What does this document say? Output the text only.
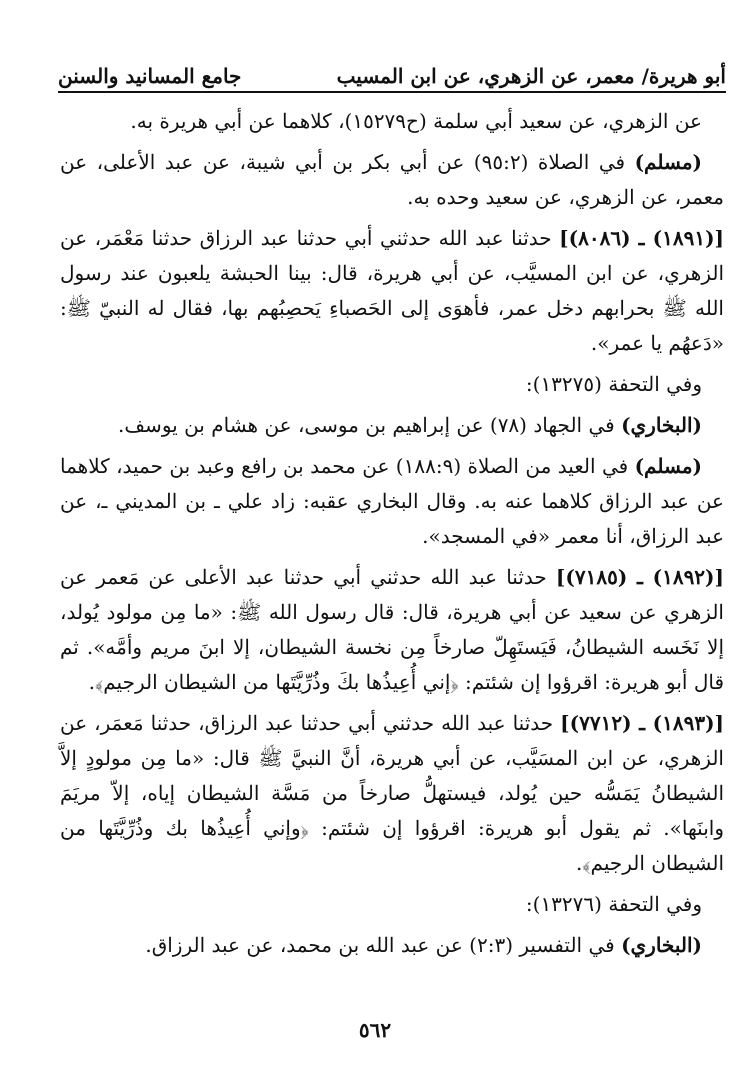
أبو هريرة/ معمر، عن الزهري، عن ابن المسيب
جامع المسانيد والسنن

عن الزهري، عن سعيد أبي سلمة (ح١٥٢٧٩)، كلاهما عن أبي هريرة به.

(مسلم) في الصلاة (٩٥:٢) عن أبي بكر بن أبي شيبة، عن عبد الأعلى، عن معمر، عن الزهري، عن سعيد وحده به.

[(١٨٩١) ـ (٨٠٨٦)] حدثنا عبد الله حدثني أبي حدثنا عبد الرزاق حدثنا مَعْمَر، عن الزهري، عن ابن المسيَّب، عن أبي هريرة، قال: بينا الحبشة يلعبون عند رسول الله ﷺ بحرابهم دخل عمر، فأهوَى إلى الحَصباءِ يَحصِبُهم بها، فقال له النبيّ ﷺ: «دَعهُم يا عمر».

وفي التحفة (١٣٢٧٥):

(البخاري) في الجهاد (٧٨) عن إبراهيم بن موسى، عن هشام بن يوسف.

(مسلم) في العيد من الصلاة (١٨٨:٩) عن محمد بن رافع وعبد بن حميد، كلاهما عن عبد الرزاق كلاهما عنه به. وقال البخاري عقبه: زاد علي ـ بن المديني ـ، عن عبد الرزاق، أنا معمر «في المسجد».

[(١٨٩٢) ـ (٧١٨٥)] حدثنا عبد الله حدثني أبي حدثنا عبد الأعلى عن مَعمر عن الزهري عن سعيد عن أبي هريرة، قال: قال رسول الله ﷺ: «ما مِن مولود يُولد، إلا نَخَسه الشيطانُ، فَيَستَهِلّ صارخاً مِن نخسة الشيطان، إلا ابنَ مريم وأمَّه». ثم قال أبو هريرة: اقرؤوا إن شئتم: ﴿إني أُعِيذُها بكَ وذُرِّيَّتَها من الشيطان الرجيم﴾.

[(١٨٩٣) ـ (٧٧١٢)] حدثنا عبد الله حدثني أبي حدثنا عبد الرزاق، حدثنا مَعمَر، عن الزهري، عن ابن المسَيَّب، عن أبي هريرة، أنَّ النبيَّ ﷺ قال: «ما مِن مولودٍ إلاَّ الشيطانُ يَمَسُّه حين يُولد، فيستهلُّ صارخاً من مَسَّة الشيطان إياه، إلاّ مريَمَ وابنَها». ثم يقول أبو هريرة: اقرؤوا إن شئتم: ﴿وإني أُعِيذُها بك وذُرِّيَّتَها من الشيطان الرجيم﴾.

وفي التحفة (١٣٢٧٦):

(البخاري) في التفسير (٢:٣) عن عبد الله بن محمد، عن عبد الرزاق.

٥٦٢
